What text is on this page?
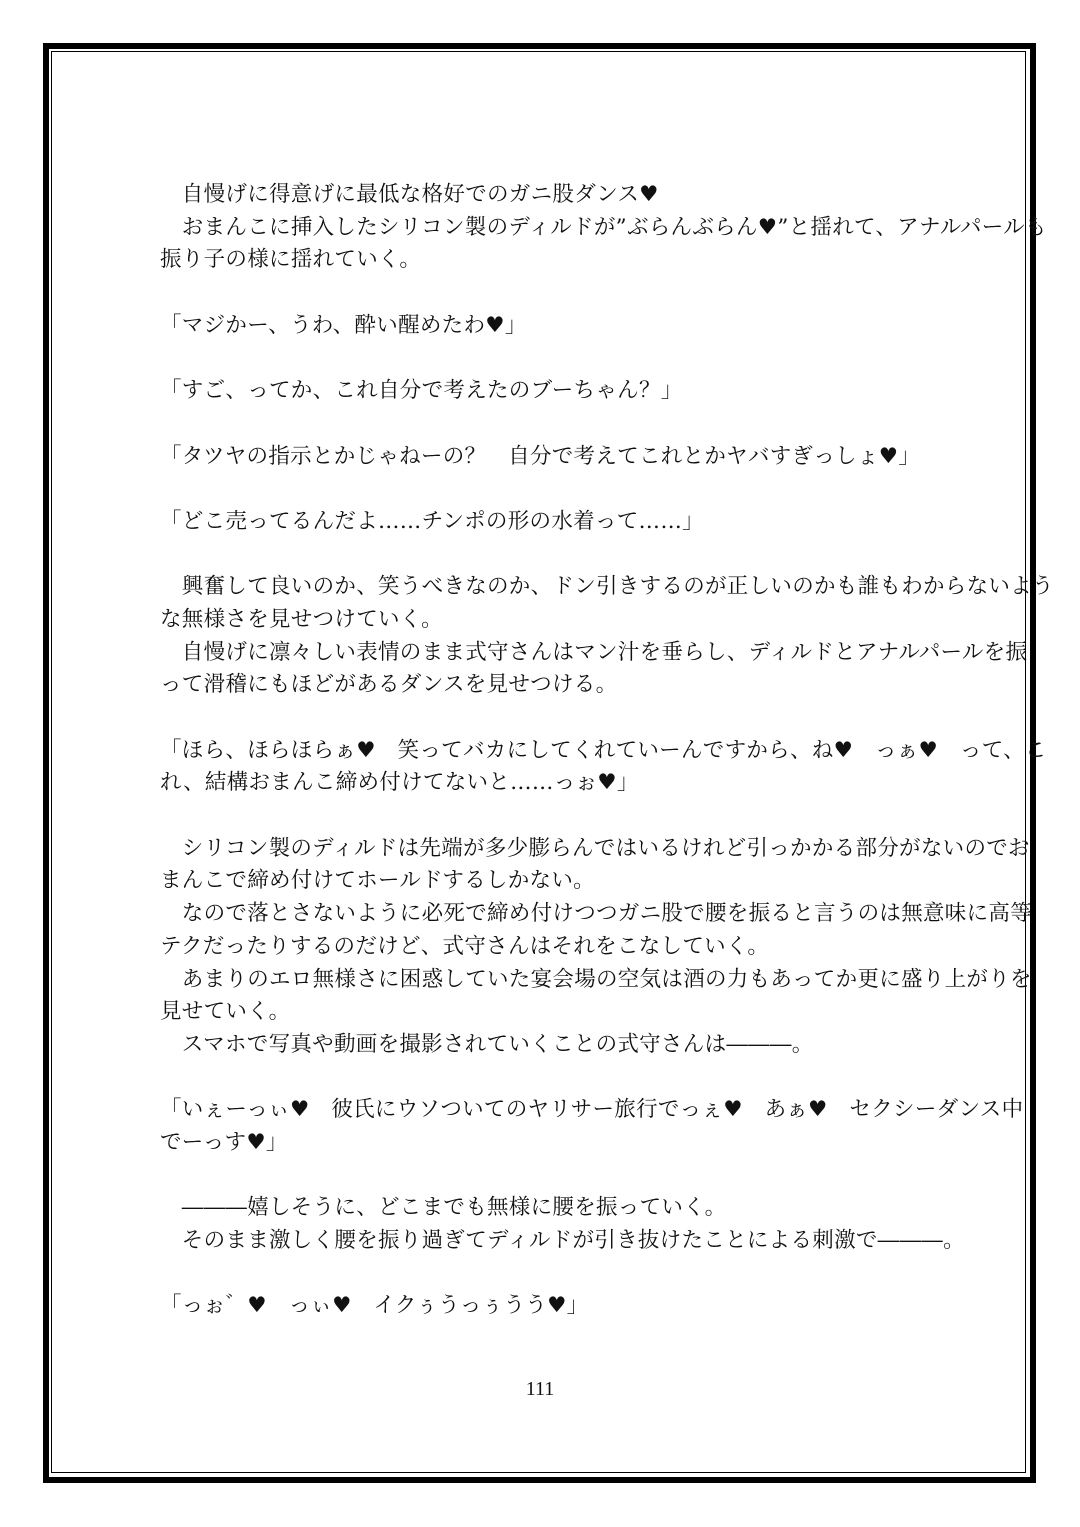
　自慢げに得意げに最低な格好でのガニ股ダンス♥
　おまんこに挿入したシリコン製のディルドが”ぶらんぶらん♥”と揺れて、アナルパールも
振り子の様に揺れていく。
「マジかー、うわ、酔い醒めたわ♥」
「すご、ってか、これ自分で考えたのブーちゃん？」
「タツヤの指示とかじゃねーの？　自分で考えてこれとかヤバすぎっしょ♥」
「どこ売ってるんだよ……チンポの形の水着って……」
　興奮して良いのか、笑うべきなのか、ドン引きするのが正しいのかも誰もわからないよう
な無様さを見せつけていく。
　自慢げに凛々しい表情のまま式守さんはマン汁を垂らし、ディルドとアナルパールを振
って滑稽にもほどがあるダンスを見せつける。
「ほら、ほらほらぁ♥　笑ってバカにしてくれていーんですから、ね♥　っぁ♥　って、こ
れ、結構おまんこ締め付けてないと……っぉ♥」
　シリコン製のディルドは先端が多少膨らんではいるけれど引っかかる部分がないのでお
まんこで締め付けてホールドするしかない。
　なので落とさないように必死で締め付けつつガニ股で腰を振ると言うのは無意味に高等
テクだったりするのだけど、式守さんはそれをこなしていく。
　あまりのエロ無様さに困惑していた宴会場の空気は酒の力もあってか更に盛り上がりを
見せていく。
　スマホで写真や動画を撮影されていくことの式守さんは―――。
「いぇーっぃ♥　彼氏にウソついてのヤリサー旅行でっぇ♥　あぁ♥　セクシーダンス中
でーっす♥」
　―――嬉しそうに、どこまでも無様に腰を振っていく。
　そのまま激しく腰を振り過ぎてディルドが引き抜けたことによる刺激で―――。
「っぉ゛♥　っぃ♥　イクぅうっぅうう♥」
111
